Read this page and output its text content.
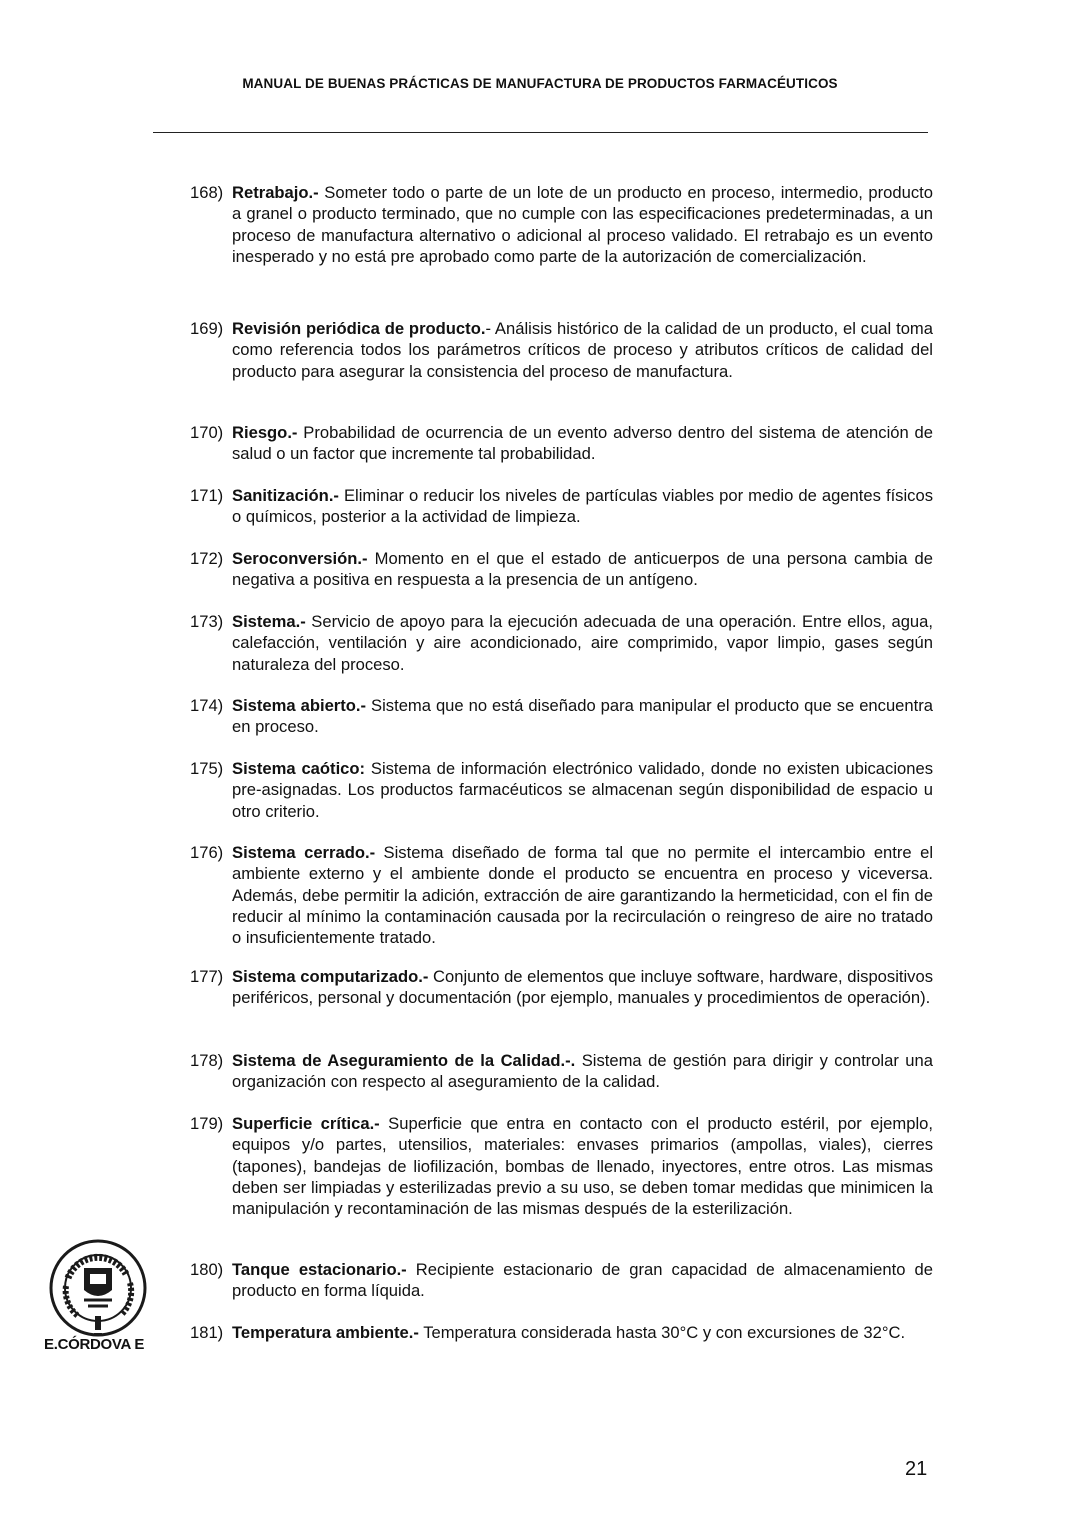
MANUAL DE BUENAS PRÁCTICAS DE MANUFACTURA DE PRODUCTOS FARMACÉUTICOS
168) Retrabajo.- Someter todo o parte de un lote de un producto en proceso, intermedio, producto a granel o producto terminado, que no cumple con las especificaciones predeterminadas, a un proceso de manufactura alternativo o adicional al proceso validado. El retrabajo es un evento inesperado y no está pre aprobado como parte de la autorización de comercialización.
169) Revisión periódica de producto.- Análisis histórico de la calidad de un producto, el cual toma como referencia todos los parámetros críticos de proceso y atributos críticos de calidad del producto para asegurar la consistencia del proceso de manufactura.
170) Riesgo.- Probabilidad de ocurrencia de un evento adverso dentro del sistema de atención de salud o un factor que incremente tal probabilidad.
171) Sanitización.- Eliminar o reducir los niveles de partículas viables por medio de agentes físicos o químicos, posterior a la actividad de limpieza.
172) Seroconversión.- Momento en el que el estado de anticuerpos de una persona cambia de negativa a positiva en respuesta a la presencia de un antígeno.
173) Sistema.- Servicio de apoyo para la ejecución adecuada de una operación. Entre ellos, agua, calefacción, ventilación y aire acondicionado, aire comprimido, vapor limpio, gases según naturaleza del proceso.
174) Sistema abierto.- Sistema que no está diseñado para manipular el producto que se encuentra en proceso.
175) Sistema caótico: Sistema de información electrónico validado, donde no existen ubicaciones pre-asignadas. Los productos farmacéuticos se almacenan según disponibilidad de espacio u otro criterio.
176) Sistema cerrado.- Sistema diseñado de forma tal que no permite el intercambio entre el ambiente externo y el ambiente donde el producto se encuentra en proceso y viceversa. Además, debe permitir la adición, extracción de aire garantizando la hermeticidad, con el fin de reducir al mínimo la contaminación causada por la recirculación o reingreso de aire no tratado o insuficientemente tratado.
177) Sistema computarizado.- Conjunto de elementos que incluye software, hardware, dispositivos periféricos, personal y documentación (por ejemplo, manuales y procedimientos de operación).
178) Sistema de Aseguramiento de la Calidad.-. Sistema de gestión para dirigir y controlar una organización con respecto al aseguramiento de la calidad.
179) Superficie crítica.- Superficie que entra en contacto con el producto estéril, por ejemplo, equipos y/o partes, utensilios, materiales: envases primarios (ampollas, viales), cierres (tapones), bandejas de liofilización, bombas de llenado, inyectores, entre otros. Las mismas deben ser limpiadas y esterilizadas previo a su uso, se deben tomar medidas que minimicen la manipulación y recontaminación de las mismas después de la esterilización.
180) Tanque estacionario.- Recipiente estacionario de gran capacidad de almacenamiento de producto en forma líquida.
181) Temperatura ambiente.- Temperatura considerada hasta 30°C y con excursiones de 32°C.
E.CÓRDOVA E
21
